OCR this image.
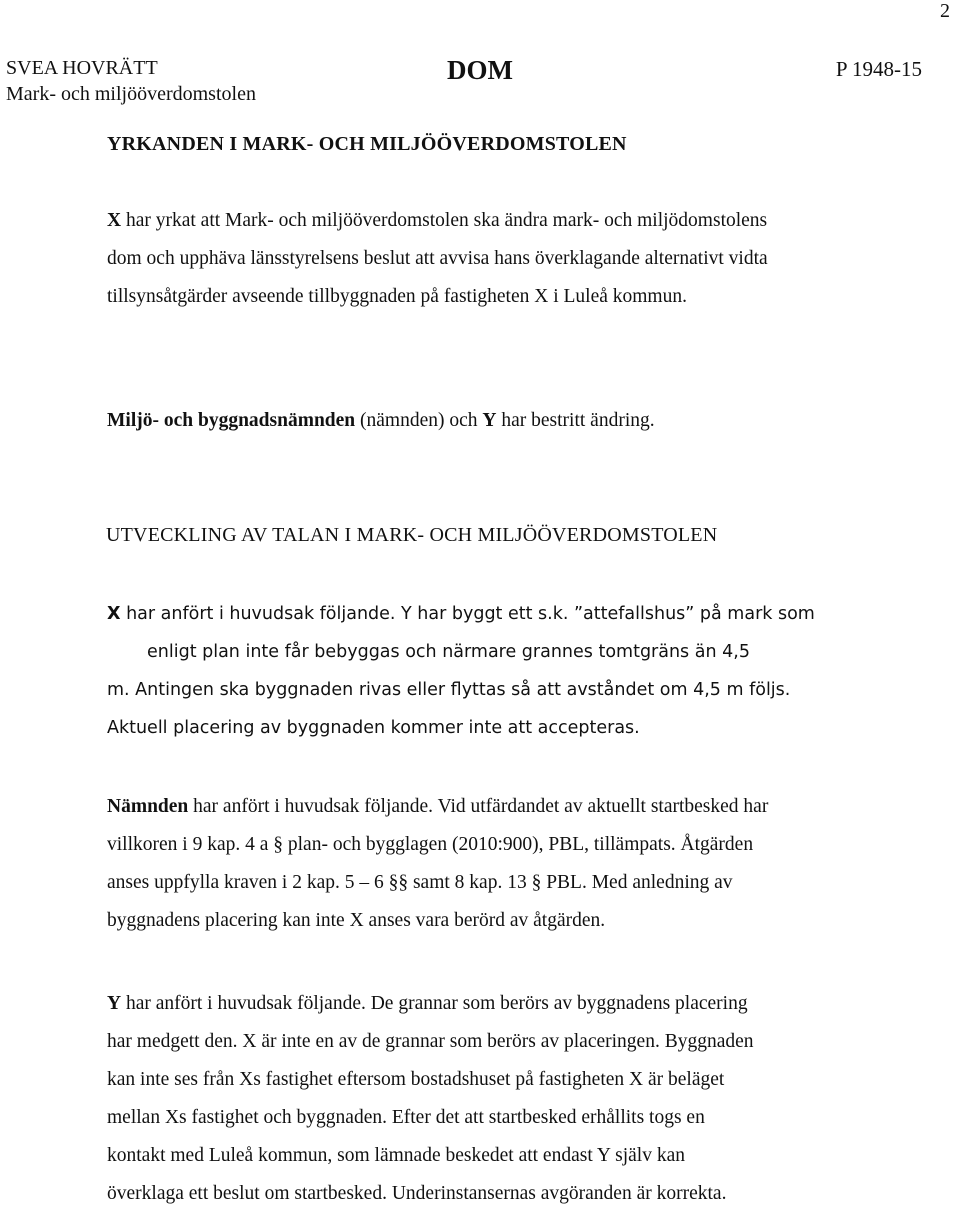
2
SVEA HOVRÄTT
Mark- och miljööverdomstolen
DOM	P 1948-15
YRKANDEN I MARK- OCH MILJÖÖVERDOMSTOLEN
X har yrkat att Mark- och miljööverdomstolen ska ändra mark- och miljödomstolens
dom och upphäva länsstyrelsens beslut att avvisa hans överklagande alternativt vidta
tillsynsåtgärder avseende tillbyggnaden på fastigheten X i Luleå kommun.
Miljö- och byggnadsnämnden (nämnden) och Y har bestritt ändring.
UTVECKLING AV TALAN I MARK- OCH MILJÖÖVERDOMSTOLEN
X har anfört i huvudsak följande. Y har byggt ett s.k. ”attefallshus” på mark som
enligt plan inte får bebyggas och närmare grannes tomtgräns än 4,5
m. Antingen ska byggnaden rivas eller flyttas så att avståndet om 4,5 m följs.
Aktuell placering av byggnaden kommer inte att accepteras.
Nämnden har anfört i huvudsak följande. Vid utfärdandet av aktuellt startbesked har
villkoren i 9 kap. 4 a § plan- och bygglagen (2010:900), PBL, tillämpats. Åtgärden
anses uppfylla kraven i 2 kap. 5 – 6 §§ samt 8 kap. 13 § PBL. Med anledning av
byggnadens placering kan inte X anses vara berörd av åtgärden.
Y har anfört i huvudsak följande. De grannar som berörs av byggnadens placering
har medgett den. X är inte en av de grannar som berörs av placeringen. Byggnaden
kan inte ses från Xs fastighet eftersom bostadshuset på fastigheten X är beläget
mellan Xs fastighet och byggnaden. Efter det att startbesked erhållits togs en
kontakt med Luleå kommun, som lämnade beskedet att endast Y själv kan
överklaga ett beslut om startbesked. Underinstansernas avgöranden är korrekta.
